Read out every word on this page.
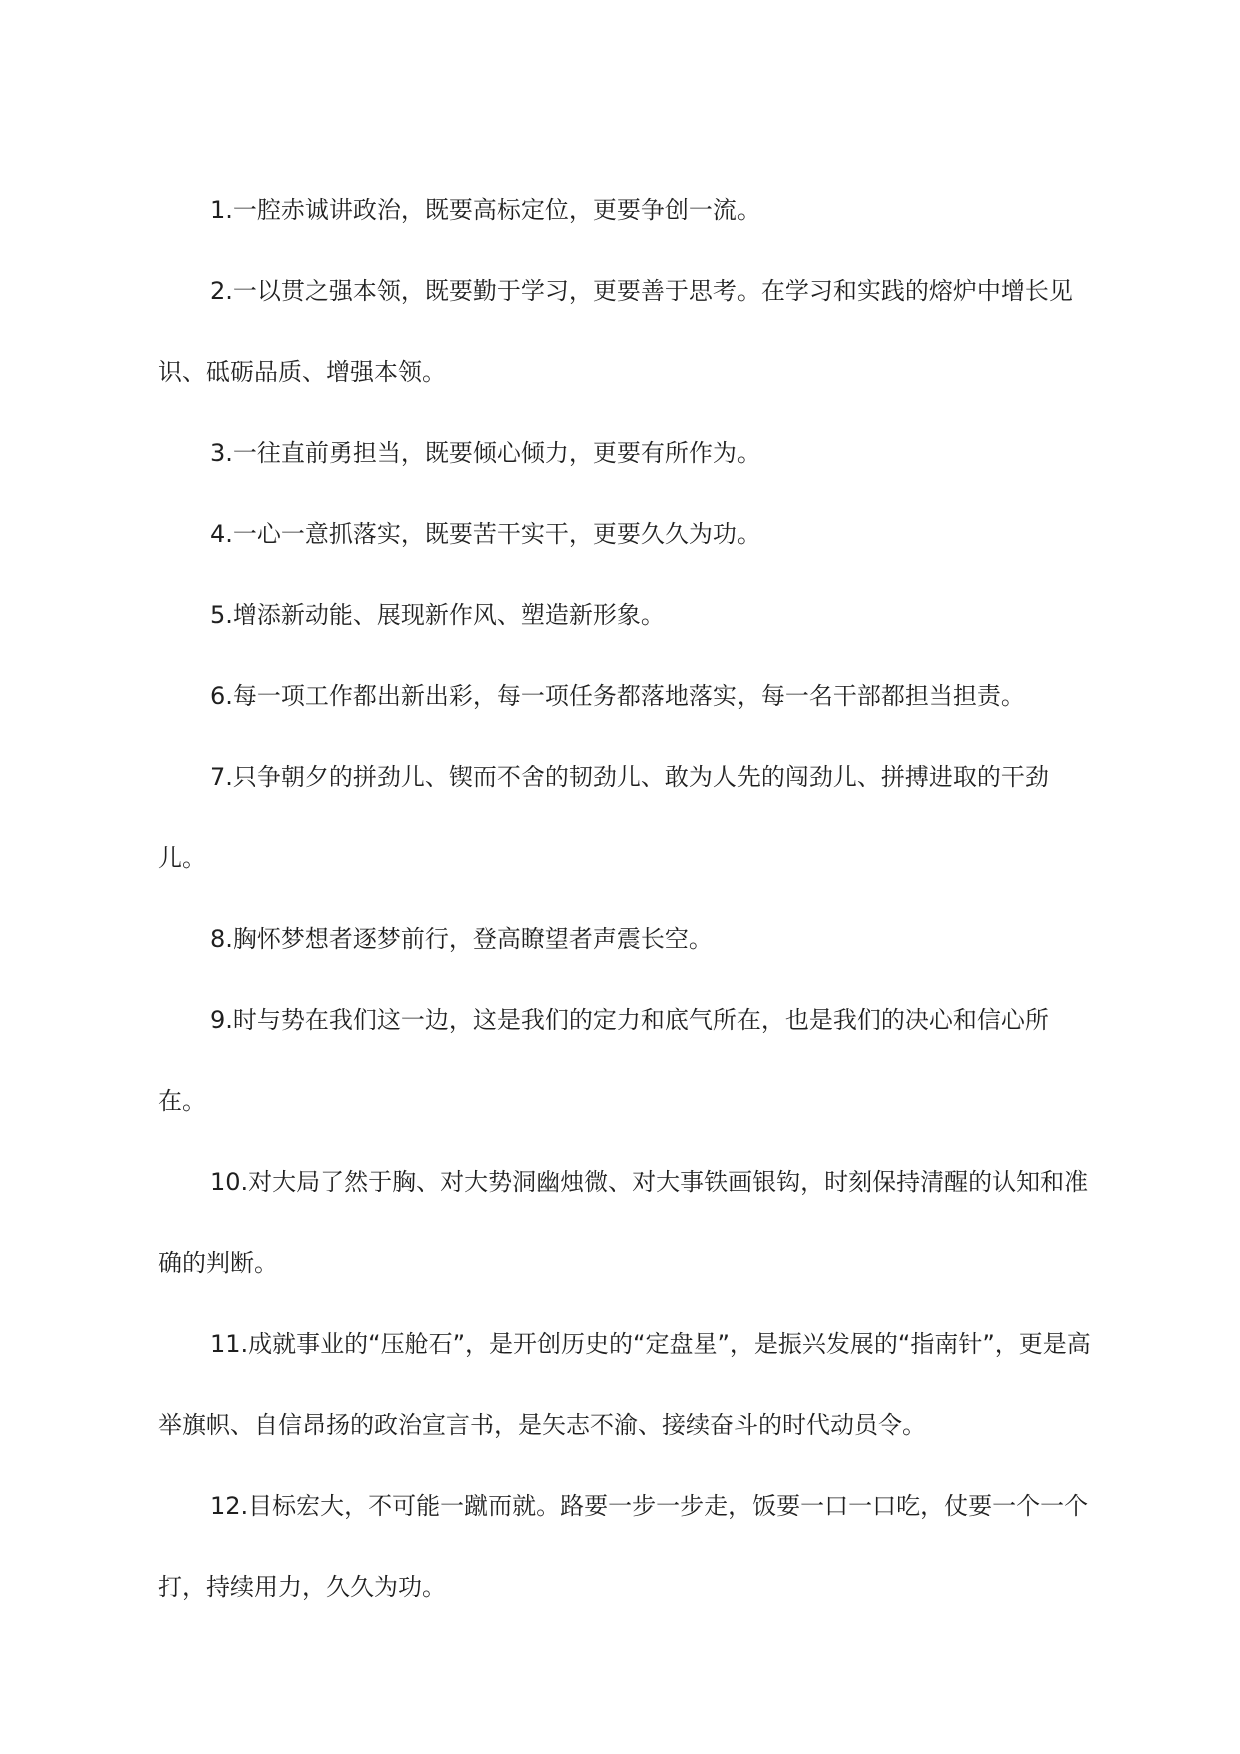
1.一腔赤诚讲政治，既要高标定位，更要争创一流。

2.一以贯之强本领，既要勤于学习，更要善于思考。在学习和实践的熔炉中增长见识、砥砺品质、增强本领。

3.一往直前勇担当，既要倾心倾力，更要有所作为。

4.一心一意抓落实，既要苦干实干，更要久久为功。

5.增添新动能、展现新作风、塑造新形象。

6.每一项工作都出新出彩，每一项任务都落地落实，每一名干部都担当担责。

7.只争朝夕的拼劲儿、锲而不舍的韧劲儿、敢为人先的闯劲儿、拼搏进取的干劲儿。

8.胸怀梦想者逐梦前行，登高瞭望者声震长空。

9.时与势在我们这一边，这是我们的定力和底气所在，也是我们的决心和信心所在。

10.对大局了然于胸、对大势洞幽烛微、对大事铁画银钩，时刻保持清醒的认知和准确的判断。

11.成就事业的“压舱石”，是开创历史的“定盘星”，是振兴发展的“指南针”，更是高举旗帜、自信昂扬的政治宣言书，是矢志不渝、接续奋斗的时代动员令。

12.目标宏大，不可能一蹴而就。路要一步一步走，饭要一口一口吃，仗要一个一个打，持续用力，久久为功。
